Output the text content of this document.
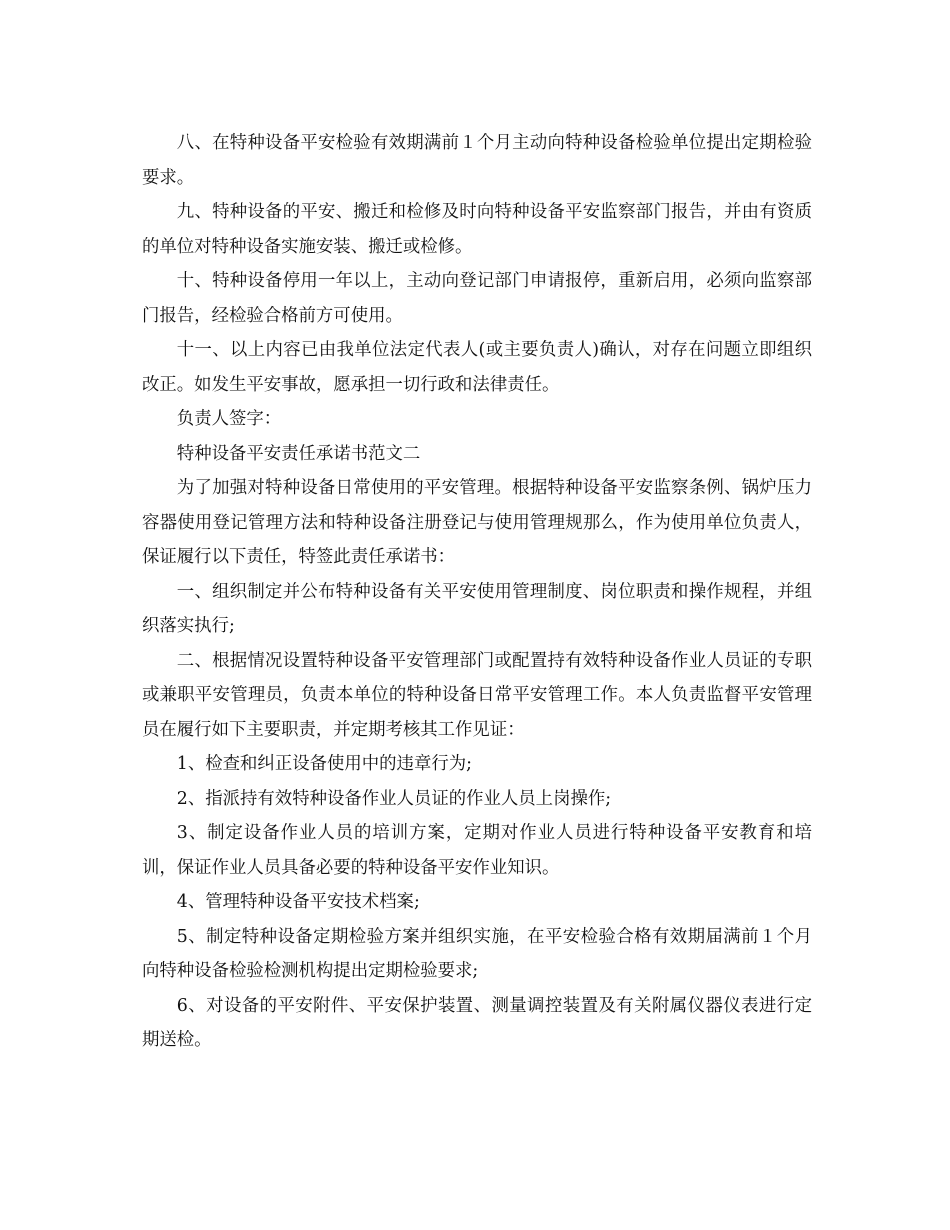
八、在特种设备平安检验有效期满前１个月主动向特种设备检验单位提出定期检验要求。

九、特种设备的平安、搬迁和检修及时向特种设备平安监察部门报告，并由有资质的单位对特种设备实施安装、搬迁或检修。

十、特种设备停用一年以上，主动向登记部门申请报停，重新启用，必须向监察部门报告，经检验合格前方可使用。

十一、以上内容已由我单位法定代表人(或主要负责人)确认，对存在问题立即组织改正。如发生平安事故，愿承担一切行政和法律责任。

负责人签字：

特种设备平安责任承诺书范文二

为了加强对特种设备日常使用的平安管理。根据特种设备平安监察条例、锅炉压力容器使用登记管理方法和特种设备注册登记与使用管理规那么，作为使用单位负责人，保证履行以下责任，特签此责任承诺书：

一、组织制定并公布特种设备有关平安使用管理制度、岗位职责和操作规程，并组织落实执行;

二、根据情况设置特种设备平安管理部门或配置持有效特种设备作业人员证的专职或兼职平安管理员，负责本单位的特种设备日常平安管理工作。本人负责监督平安管理员在履行如下主要职责，并定期考核其工作见证：

1、检查和纠正设备使用中的违章行为;

2、指派持有效特种设备作业人员证的作业人员上岗操作;

3、制定设备作业人员的培训方案，定期对作业人员进行特种设备平安教育和培训，保证作业人员具备必要的特种设备平安作业知识。

4、管理特种设备平安技术档案;

5、制定特种设备定期检验方案并组织实施，在平安检验合格有效期届满前１个月向特种设备检验检测机构提出定期检验要求;

6、对设备的平安附件、平安保护装置、测量调控装置及有关附属仪器仪表进行定期送检。
